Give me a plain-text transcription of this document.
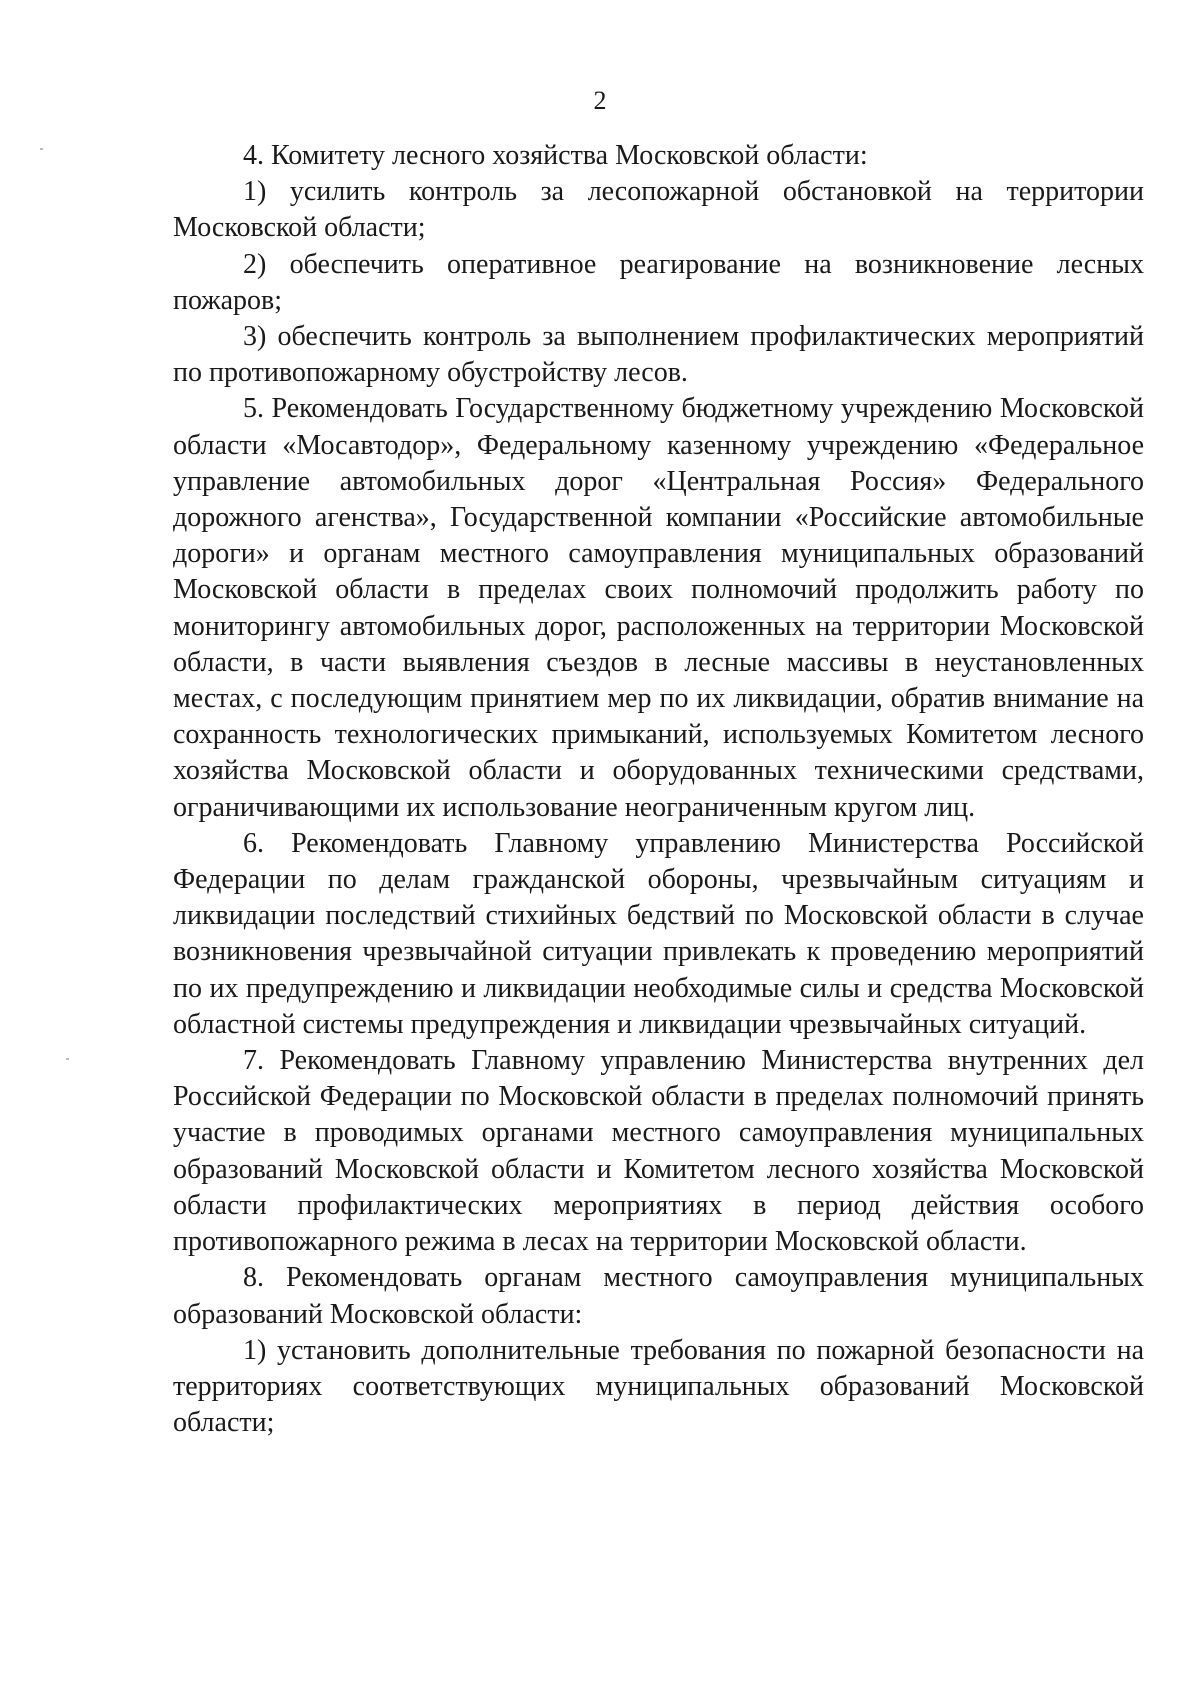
2

4. Комитету лесного хозяйства Московской области:

1) усилить контроль за лесопожарной обстановкой на территории Московской области;

2) обеспечить оперативное реагирование на возникновение лесных пожаров;

3) обеспечить контроль за выполнением профилактических мероприятий по противопожарному обустройству лесов.

5. Рекомендовать Государственному бюджетному учреждению Московской области «Мосавтодор», Федеральному казенному учреждению «Федеральное управление автомобильных дорог «Центральная Россия» Федерального дорожного агенства», Государственной компании «Российские автомобильные дороги» и органам местного самоуправления муниципальных образований Московской области в пределах своих полномочий продолжить работу по мониторингу автомобильных дорог, расположенных на территории Московской области, в части выявления съездов в лесные массивы в неустановленных местах, с последующим принятием мер по их ликвидации, обратив внимание на сохранность технологических примыканий, используемых Комитетом лесного хозяйства Московской области и оборудованных техническими средствами, ограничивающими их использование неограниченным кругом лиц.

6. Рекомендовать Главному управлению Министерства Российской Федерации по делам гражданской обороны, чрезвычайным ситуациям и ликвидации последствий стихийных бедствий по Московской области в случае возникновения чрезвычайной ситуации привлекать к проведению мероприятий по их предупреждению и ликвидации необходимые силы и средства Московской областной системы предупреждения и ликвидации чрезвычайных ситуаций.

7. Рекомендовать Главному управлению Министерства внутренних дел Российской Федерации по Московской области в пределах полномочий принять участие в проводимых органами местного самоуправления муниципальных образований Московской области и Комитетом лесного хозяйства Московской области профилактических мероприятиях в период действия особого противопожарного режима в лесах на территории Московской области.

8. Рекомендовать органам местного самоуправления муниципальных образований Московской области:

1) установить дополнительные требования по пожарной безопасности на территориях соответствующих муниципальных образований Московской области;
